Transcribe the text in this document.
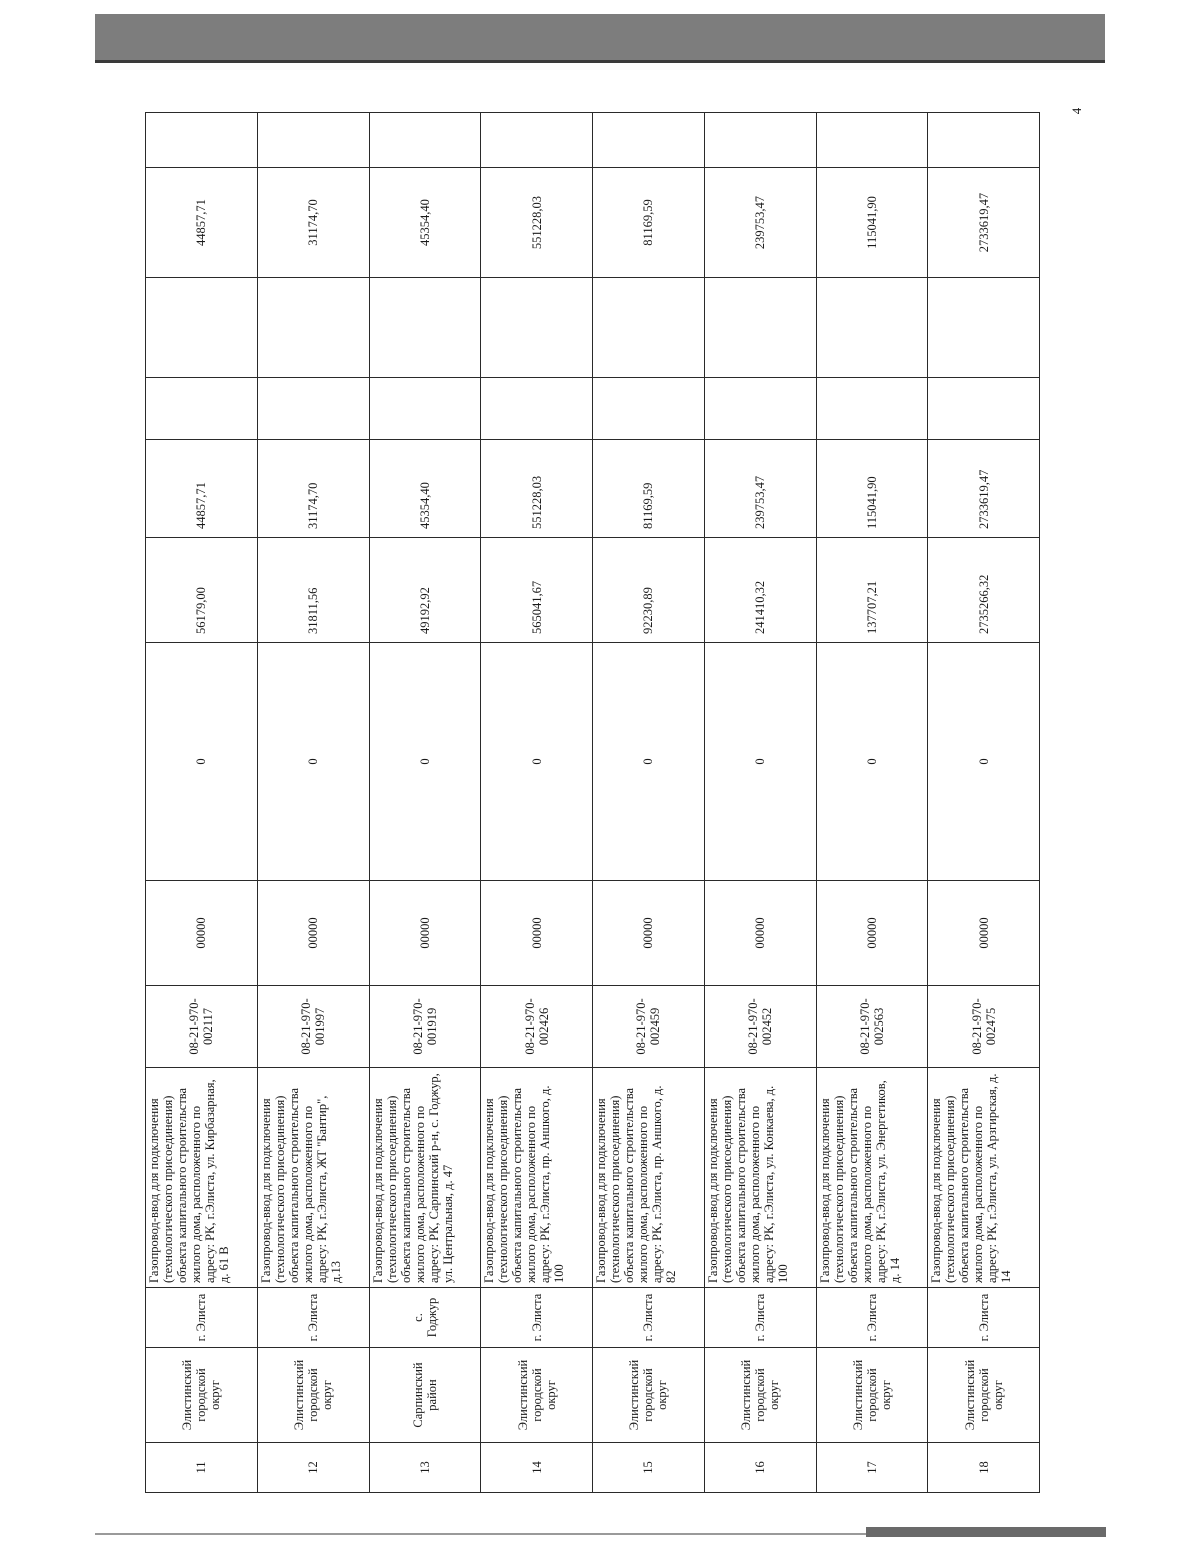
4
11	Элистинский городской округ	г. Элиста	Газопровод-ввод для подключения (технологического присоединения) объекта капитального строительства жилого дома, расположенного по адресу: РК, г.Элиста, ул. Кирбазарная, д. 61 В	08-21-970-002117	00000	0	56179,00	44857,71			44857,71	
12	Элистинский городской округ	г. Элиста	Газопровод-ввод для подключения (технологического присоединения) объекта капитального строительства жилого дома, расположенного по адресу: РК, г.Элиста, ЖТ "Бантир", д.13	08-21-970-001997	00000	0	31811,56	31174,70			31174,70	
13	Сарпинский район	с. Годжур	Газопровод-ввод для подключения (технологического присоединения) объекта капитального строительства жилого дома, расположенного по адресу: РК, Сарпинский р-н, с. Годжур, ул. Центральная, д. 47	08-21-970-001919	00000	0	49192,92	45354,40			45354,40	
14	Элистинский городской округ	г. Элиста	Газопровод-ввод для подключения (технологического присоединения) объекта капитального строительства жилого дома, расположенного по адресу: РК, г.Элиста, пр. Аншкого, д. 100	08-21-970-002426	00000	0	565041,67	551228,03			551228,03	
15	Элистинский городской округ	г. Элиста	Газопровод-ввод для подключения (технологического присоединения) объекта капитального строительства жилого дома, расположенного по адресу: РК, г.Элиста, пр. Аншкого, д. 82	08-21-970-002459	00000	0	92230,89	81169,59			81169,59	
16	Элистинский городской округ	г. Элиста	Газопровод-ввод для подключения (технологического присоединения) объекта капитального строительства жилого дома, расположенного по адресу: РК, г.Элиста, ул. Конкаева, д. 100	08-21-970-002452	00000	0	241410,32	239753,47			239753,47	
17	Элистинский городской округ	г. Элиста	Газопровод-ввод для подключения (технологического присоединения) объекта капитального строительства жилого дома, расположенного по адресу: РК, г.Элиста, ул. Энергетиков, д. 14	08-21-970-002563	00000	0	137707,21	115041,90			115041,90	
18	Элистинский городской округ	г. Элиста	Газопровод-ввод для подключения (технологического присоединения) объекта капитального строительства жилого дома, расположенного по адресу: РК, г.Элиста, ул. Арзгирская, д. 14	08-21-970-002475	00000	0	2735266,32	2733619,47			2733619,47	
